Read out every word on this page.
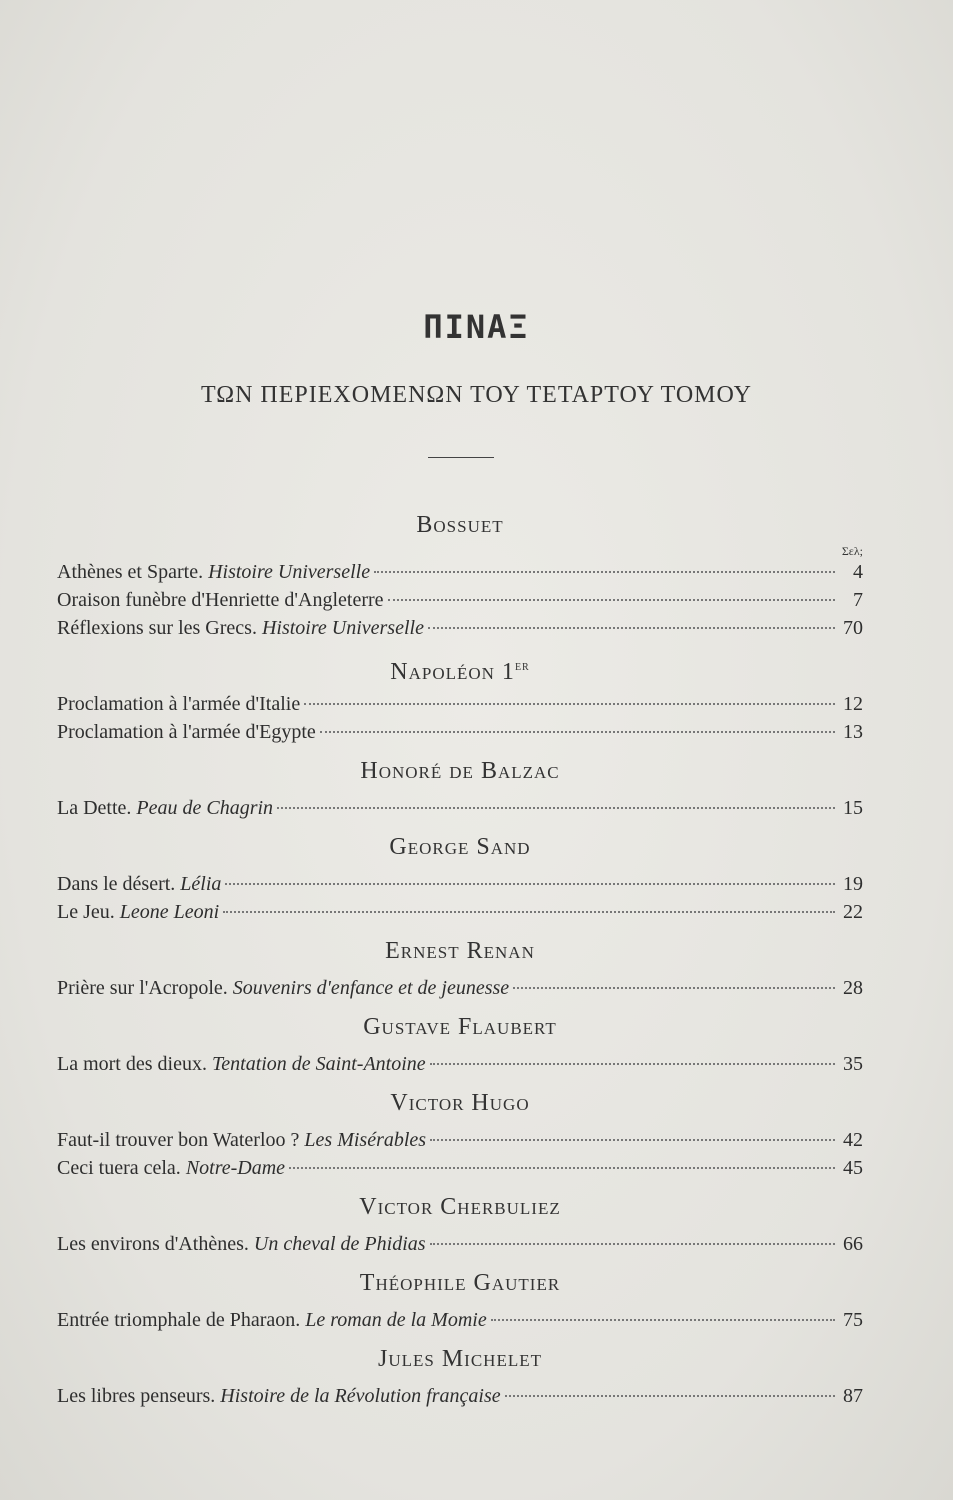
ΠΙΝΑΞ
ΤΩΝ ΠΕΡΙΕΧΟΜΕΝΩΝ ΤΟΥ ΤΕΤΑΡΤΟΥ ΤΟΜΟΥ
Bossuet
Σελ;
Athènes et Sparte. Histoire Universelle	4
Oraison funèbre d'Henriette d'Angleterre	7
Réflexions sur les Grecs. Histoire Universelle	70
Napoléon 1er
Proclamation à l'armée d'Italie	12
Proclamation à l'armée d'Egypte	13
Honoré de Balzac
La Dette. Peau de Chagrin	15
George Sand
Dans le désert. Lélia	19
Le Jeu. Leone Leoni	22
Ernest Renan
Prière sur l'Acropole. Souvenirs d'enfance et de jeunesse	28
Gustave Flaubert
La mort des dieux. Tentation de Saint-Antoine	35
Victor Hugo
Faut-il trouver bon Waterloo ? Les Misérables	42
Ceci tuera cela. Notre-Dame	45
Victor Cherbuliez
Les environs d'Athènes. Un cheval de Phidias	66
Théophile Gautier
Entrée triomphale de Pharaon. Le roman de la Momie	75
Jules Michelet
Les libres penseurs. Histoire de la Révolution française	87
